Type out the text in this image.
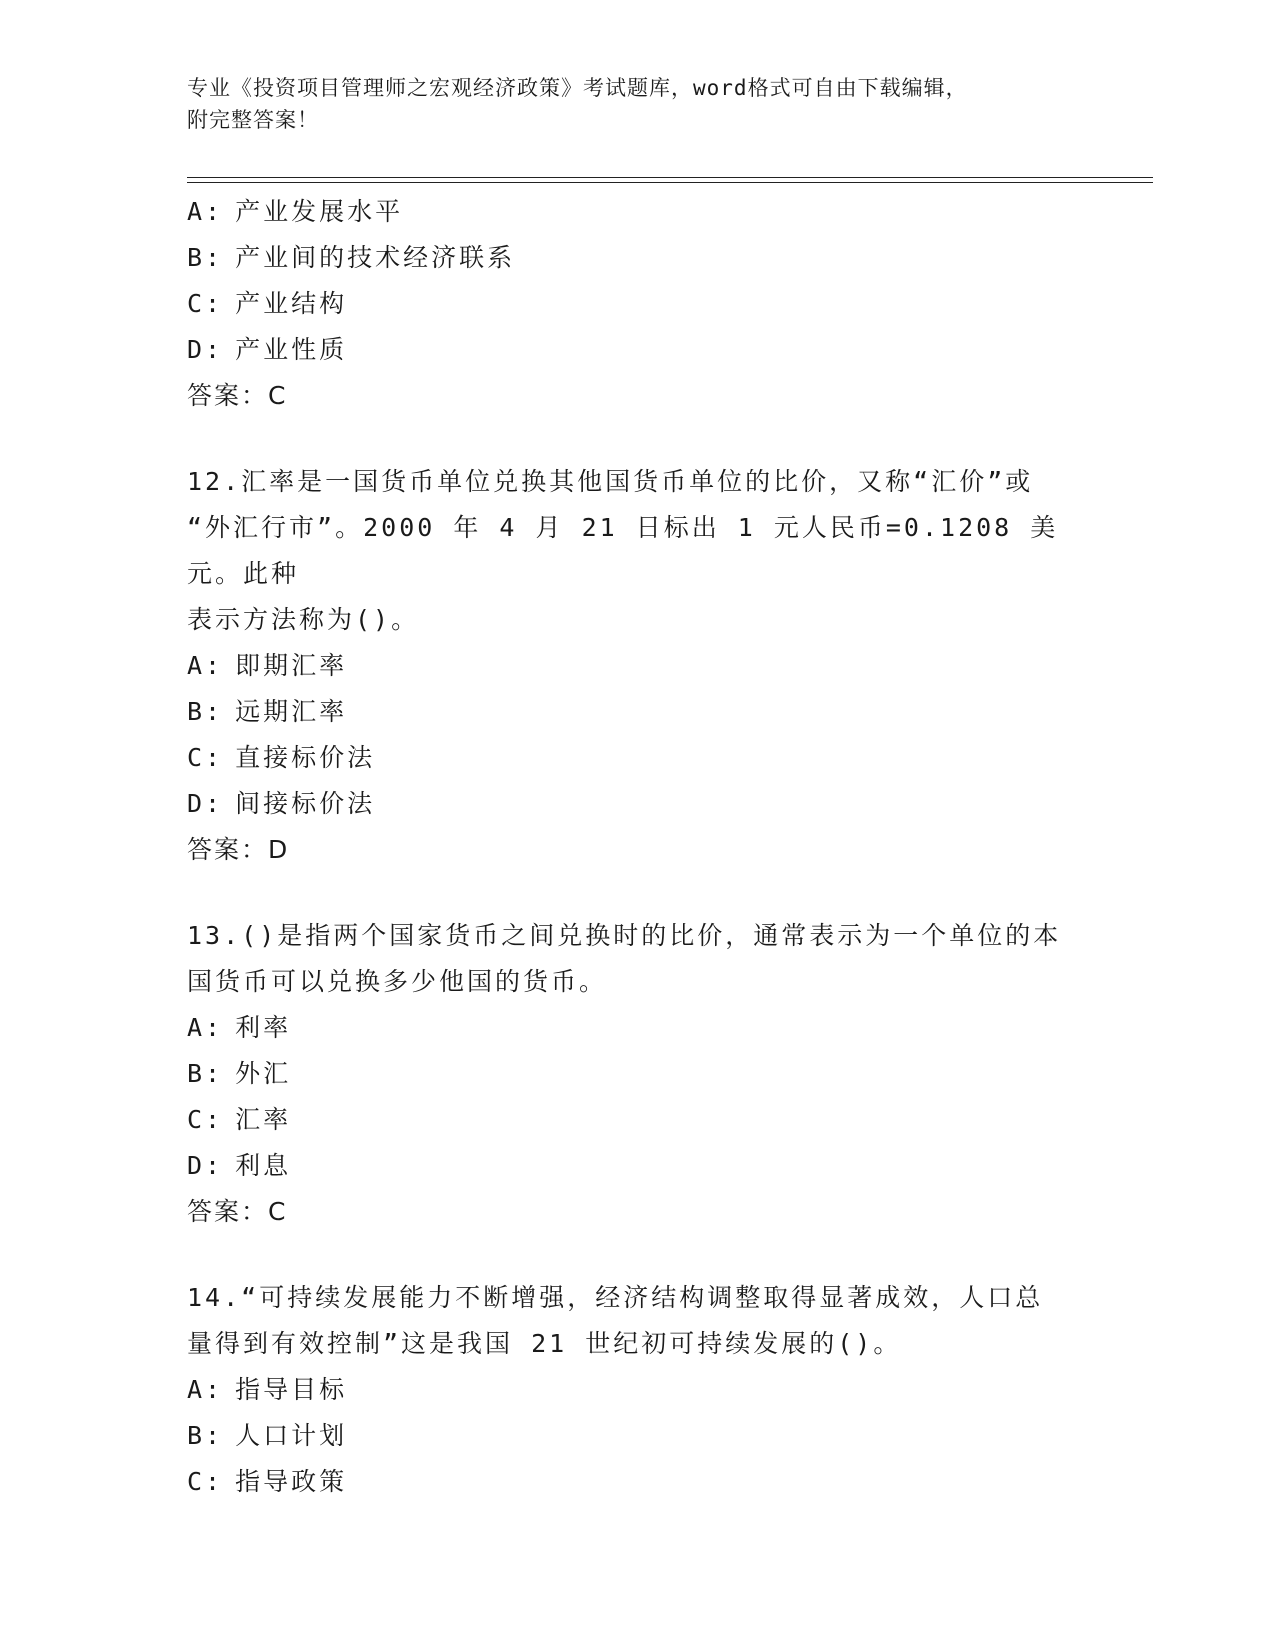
专业《投资项目管理师之宏观经济政策》考试题库，word格式可自由下载编辑，
附完整答案！
A: 产业发展水平
B: 产业间的技术经济联系
C: 产业结构
D: 产业性质
答案：C
12.汇率是一国货币单位兑换其他国货币单位的比价，又称“汇价”或
“外汇行市”。2000 年 4 月 21 日标出 1 元人民币=0.1208 美元。此种
表示方法称为()。
A: 即期汇率
B: 远期汇率
C: 直接标价法
D: 间接标价法
答案：D
13.()是指两个国家货币之间兑换时的比价，通常表示为一个单位的本
国货币可以兑换多少他国的货币。
A: 利率
B: 外汇
C: 汇率
D: 利息
答案：C
14.“可持续发展能力不断增强，经济结构调整取得显著成效，人口总
量得到有效控制”这是我国 21 世纪初可持续发展的()。
A: 指导目标
B: 人口计划
C: 指导政策
